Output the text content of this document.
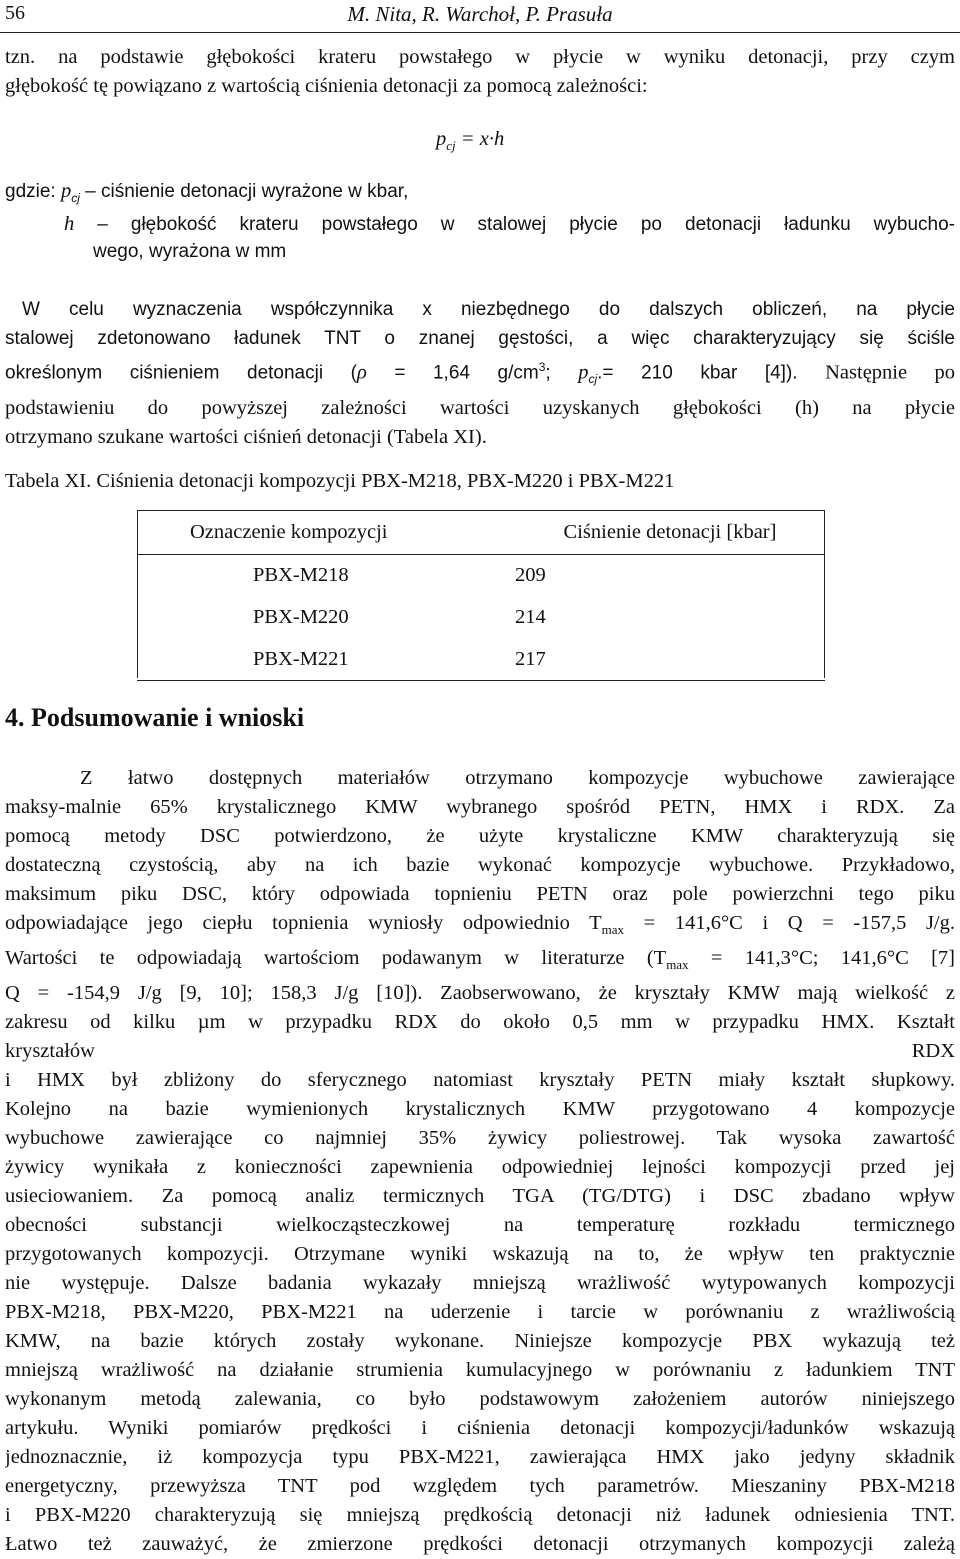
56	M. Nita, R. Warchoł, P. Prasuła
tzn. na podstawie głębokości krateru powstałego w płycie w wyniku detonacji, przy czym
głębokość tę powiązano z wartością ciśnienia detonacji za pomocą zależności:
$p_{cj} = x\cdot h$
gdzie: $p_{cj}$ – ciśnienie detonacji wyrażone w kbar,
h – głębokość krateru powstałego w stalowej płycie po detonacji ładunku wybucho-
wego, wyrażona w mm
W celu wyznaczenia współczynnika x niezbędnego do dalszych obliczeń, na płycie
stalowej zdetonowano ładunek TNT o znanej gęstości, a więc charakteryzujący się ściśle
określonym ciśnieniem detonacji (ρ = 1,64 $g/cm^3$; $p_{cj}.= 210$ kbar [4]). Następnie po
podstawieniu do powyższej zależności wartości uzyskanych głębokości (h) na płycie
otrzymano szukane wartości ciśnień detonacji (Tabela XI).
Tabela XI. Ciśnienia detonacji kompozycji PBX-M218, PBX-M220 i PBX-M221
Oznaczenie kompozycji	Ciśnienie detonacji [kbar]
PBX-M218	209
PBX-M220	214
PBX-M221	217
4. Podsumowanie i wnioski
Z łatwo dostępnych materiałów otrzymano kompozycje wybuchowe zawierające
maksy-malnie 65% krystalicznego KMW wybranego spośród PETN, HMX i RDX. Za
pomocą metody DSC potwierdzono, że użyte krystaliczne KMW charakteryzują się
dostateczną czystością, aby na ich bazie wykonać kompozycje wybuchowe. Przykładowo,
maksimum piku DSC, który odpowiada topnieniu PETN oraz pole powierzchni tego piku
odpowiadające jego ciepłu topnienia wyniosły odpowiednio $T_{max} = 141,6^\circ C$ i Q = -157,5 J/g.
Wartości te odpowiadają wartościom podawanym w literaturze ($T_{max} = 141,3^\circ C$; 141,6°C [7]
Q = -154,9 J/g [9, 10]; 158,3 J/g [10]). Zaobserwowano, że kryształy KMW mają wielkość z
zakresu od kilku µm w przypadku RDX do około 0,5 mm w przypadku HMX. Kształt
kryształów RDX
i HMX był zbliżony do sferycznego natomiast kryształy PETN miały kształt słupkowy.
Kolejno na bazie wymienionych krystalicznych KMW przygotowano 4 kompozycje
wybuchowe zawierające co najmniej 35% żywicy poliestrowej. Tak wysoka zawartość
żywicy wynikała z konieczności zapewnienia odpowiedniej lejności kompozycji przed jej
usieciowaniem. Za pomocą analiz termicznych TGA (TG/DTG) i DSC zbadano wpływ
obecności substancji wielkocząsteczkowej na temperaturę rozkładu termicznego
przygotowanych kompozycji. Otrzymane wyniki wskazują na to, że wpływ ten praktycznie
nie występuje. Dalsze badania wykazały mniejszą wrażliwość wytypowanych kompozycji
PBX-M218, PBX-M220, PBX-M221 na uderzenie i tarcie w porównaniu z wrażliwością
KMW, na bazie których zostały wykonane. Niniejsze kompozycje PBX wykazują też
mniejszą wrażliwość na działanie strumienia kumulacyjnego w porównaniu z ładunkiem TNT
wykonanym metodą zalewania, co było podstawowym założeniem autorów niniejszego
artykułu. Wyniki pomiarów prędkości i ciśnienia detonacji kompozycji/ładunków wskazują
jednoznacznie, iż kompozycja typu PBX-M221, zawierająca HMX jako jedyny składnik
energetyczny, przewyższa TNT pod względem tych parametrów. Mieszaniny PBX-M218
i PBX-M220 charakteryzują się mniejszą prędkością detonacji niż ładunek odniesienia TNT.
Łatwo też zauważyć, że zmierzone prędkości detonacji otrzymanych kompozycji zależą
